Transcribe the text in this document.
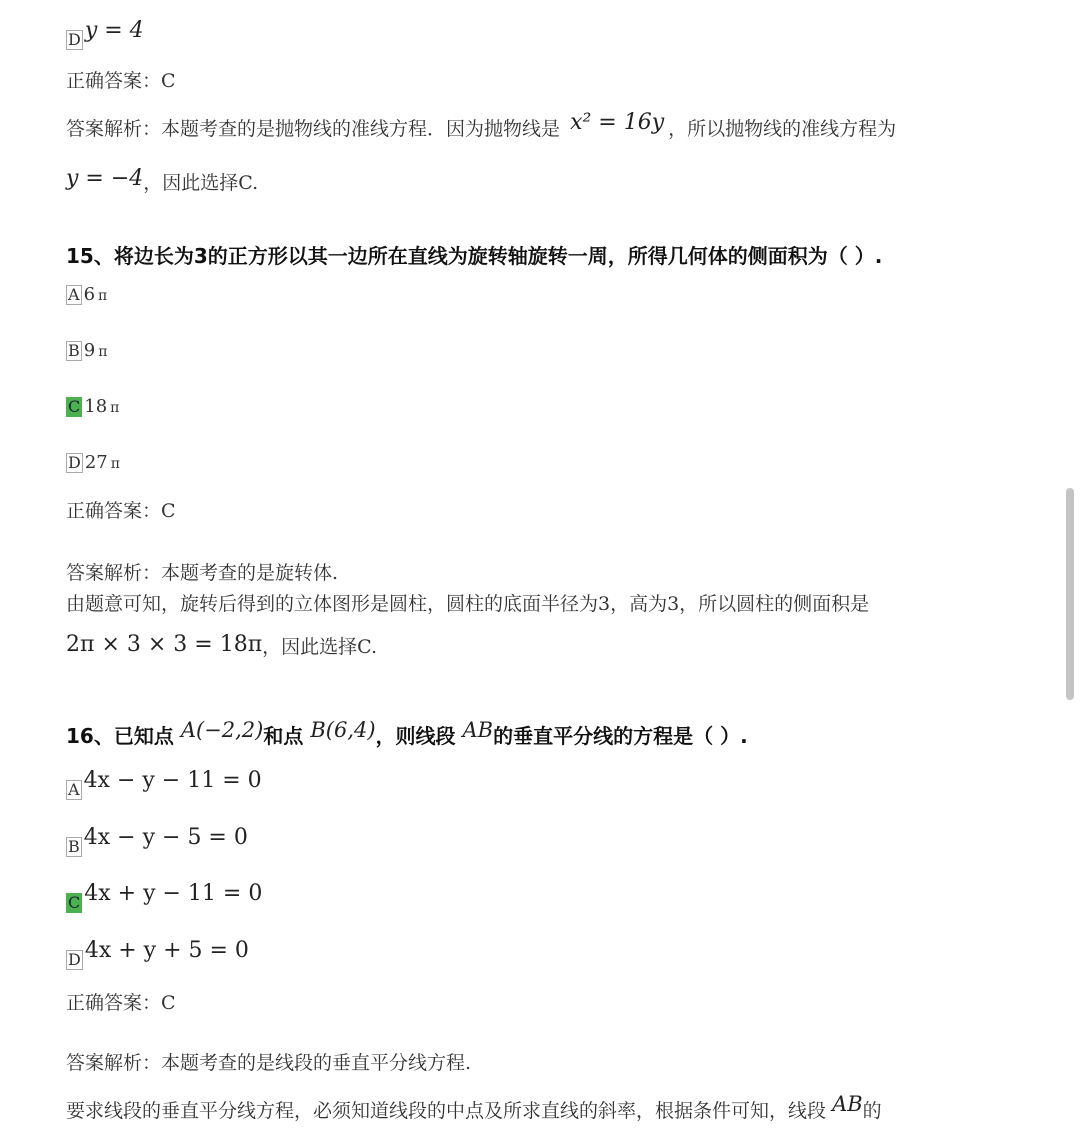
D y = 4
正确答案：C
答案解析：本题考查的是抛物线的准线方程．因为抛物线是 x² = 16y ，所以抛物线的准线方程为
y = −4，因此选择C.
15、将边长为3的正方形以其一边所在直线为旋转轴旋转一周，所得几何体的侧面积为（ ）.
A 6 π
B 9 π
C 18 π
D 27 π
正确答案：C
答案解析：本题考查的是旋转体.
由题意可知，旋转后得到的立体图形是圆柱，圆柱的底面半径为3，高为3，所以圆柱的侧面积是
2π × 3 × 3 = 18π，因此选择C.
16、已知点 A(−2,2)和点 B(6,4)，则线段 AB的垂直平分线的方程是（ ）.
A 4x − y − 11 = 0
B 4x − y − 5 = 0
C 4x + y − 11 = 0
D 4x + y + 5 = 0
正确答案：C
答案解析：本题考查的是线段的垂直平分线方程.
要求线段的垂直平分线方程，必须知道线段的中点及所求直线的斜率，根据条件可知，线段 AB的
